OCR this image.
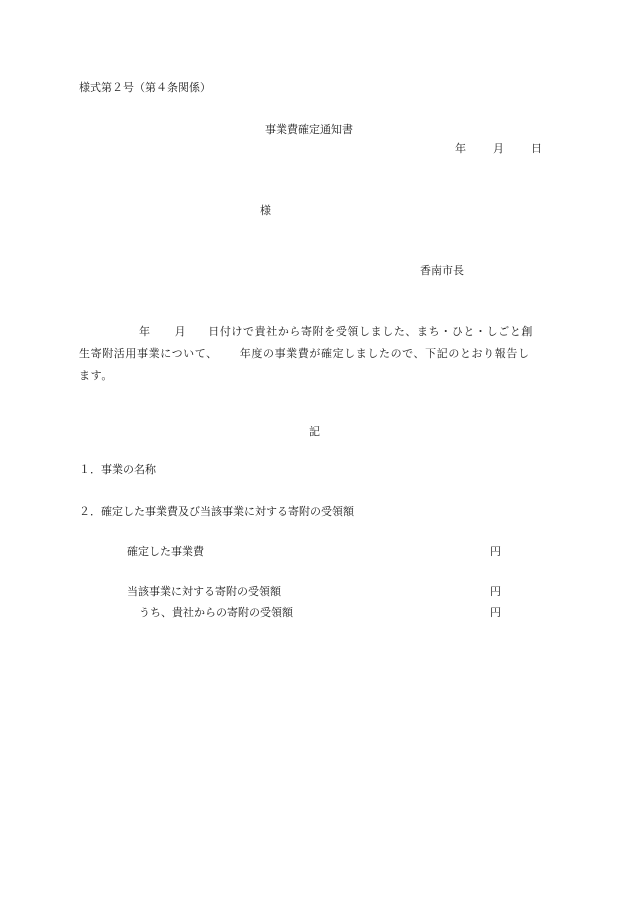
様式第２号（第４条関係）
事業費確定通知書
年 月 日
様
香南市長
年 月 日付けで貴社から寄附を受領しました、まち・ひと・しごと創
生寄附活用事業について、 年度の事業費が確定しましたので、下記のとおり報告し
ます。
記
１．事業の名称
２．確定した事業費及び当該事業に対する寄附の受領額
確定した事業費	円
当該事業に対する寄附の受領額	円
うち、貴社からの寄附の受領額	円
